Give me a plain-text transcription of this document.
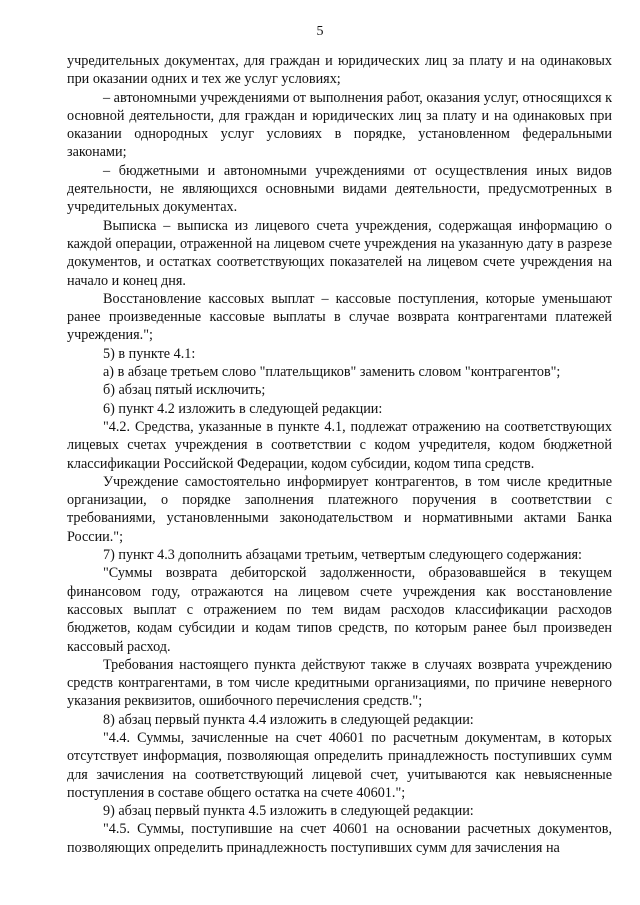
5

учредительных документах, для граждан и юридических лиц за плату и на одинаковых при оказании одних и тех же услуг условиях;

– автономными учреждениями от выполнения работ, оказания услуг, относящихся к основной деятельности, для граждан и юридических лиц за плату и на одинаковых при оказании однородных услуг условиях в порядке, установленном федеральными законами;

– бюджетными и автономными учреждениями от осуществления иных видов деятельности, не являющихся основными видами деятельности, предусмотренных в учредительных документах.

Выписка – выписка из лицевого счета учреждения, содержащая информацию о каждой операции, отраженной на лицевом счете учреждения на указанную дату в разрезе документов, и остатках соответствующих показателей на лицевом счете учреждения на начало и конец дня.

Восстановление кассовых выплат – кассовые поступления, которые уменьшают ранее произведенные кассовые выплаты в случае возврата контрагентами платежей учреждения.";

5) в пункте 4.1:

а) в абзаце третьем слово "плательщиков" заменить словом "контрагентов";

б) абзац пятый исключить;

6) пункт 4.2 изложить в следующей редакции:

"4.2. Средства, указанные в пункте 4.1, подлежат отражению на соответствующих лицевых счетах учреждения в соответствии с кодом учредителя, кодом бюджетной классификации Российской Федерации, кодом субсидии, кодом типа средств.

Учреждение самостоятельно информирует контрагентов, в том числе кредитные организации, о порядке заполнения платежного поручения в соответствии с требованиями, установленными законодательством и нормативными актами Банка России.";

7) пункт 4.3 дополнить абзацами третьим, четвертым следующего содержания:

"Суммы возврата дебиторской задолженности, образовавшейся в текущем финансовом году, отражаются на лицевом счете учреждения как восстановление кассовых выплат с отражением по тем видам расходов классификации расходов бюджетов, кодам субсидии и кодам типов средств, по которым ранее был произведен кассовый расход.

Требования настоящего пункта действуют также в случаях возврата учреждению средств контрагентами, в том числе кредитными организациями, по причине неверного указания реквизитов, ошибочного перечисления средств.";

8) абзац первый пункта 4.4 изложить в следующей редакции:

"4.4. Суммы, зачисленные на счет 40601 по расчетным документам, в которых отсутствует информация, позволяющая определить принадлежность поступивших сумм для зачисления на соответствующий лицевой счет, учитываются как невыясненные поступления в составе общего остатка на счете 40601.";

9) абзац первый пункта 4.5 изложить в следующей редакции:

"4.5. Суммы, поступившие на счет 40601 на основании расчетных документов, позволяющих определить принадлежность поступивших сумм для зачисления на
